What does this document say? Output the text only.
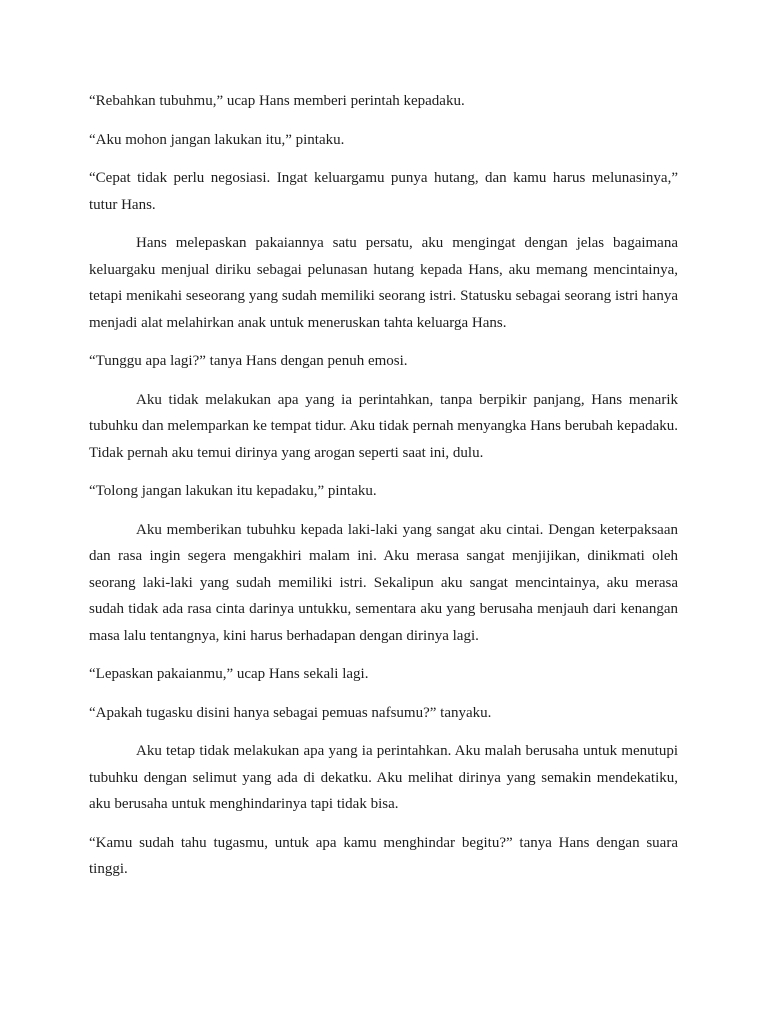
“Rebahkan tubuhmu,” ucap Hans memberi perintah kepadaku.

“Aku mohon jangan lakukan itu,” pintaku.

“Cepat tidak perlu negosiasi. Ingat keluargamu punya hutang, dan kamu harus melunasinya,” tutur Hans.

Hans melepaskan pakaiannya satu persatu, aku mengingat dengan jelas bagaimana keluargaku menjual diriku sebagai pelunasan hutang kepada Hans, aku memang mencintainya, tetapi menikahi seseorang yang sudah memiliki seorang istri. Statusku sebagai seorang istri hanya menjadi alat melahirkan anak untuk meneruskan tahta keluarga Hans.

“Tunggu apa lagi?” tanya Hans dengan penuh emosi.

Aku tidak melakukan apa yang ia perintahkan, tanpa berpikir panjang, Hans menarik tubuhku dan melemparkan ke tempat tidur. Aku tidak pernah menyangka Hans berubah kepadaku. Tidak pernah aku temui dirinya yang arogan seperti saat ini, dulu.

“Tolong jangan lakukan itu kepadaku,” pintaku.

Aku memberikan tubuhku kepada laki-laki yang sangat aku cintai. Dengan keterpaksaan dan rasa ingin segera mengakhiri malam ini. Aku merasa sangat menjijikan, dinikmati oleh seorang laki-laki yang sudah memiliki istri. Sekalipun aku sangat mencintainya, aku merasa sudah tidak ada rasa cinta darinya untukku, sementara aku yang berusaha menjauh dari kenangan masa lalu tentangnya, kini harus berhadapan dengan dirinya lagi.

“Lepaskan pakaianmu,” ucap Hans sekali lagi.

“Apakah tugasku disini hanya sebagai pemuas nafsumu?” tanyaku.

Aku tetap tidak melakukan apa yang ia perintahkan. Aku malah berusaha untuk menutupi tubuhku dengan selimut yang ada di dekatku. Aku melihat dirinya yang semakin mendekatiku, aku berusaha untuk menghindarinya tapi tidak bisa.

“Kamu sudah tahu tugasmu, untuk apa kamu menghindar begitu?” tanya Hans dengan suara tinggi.
